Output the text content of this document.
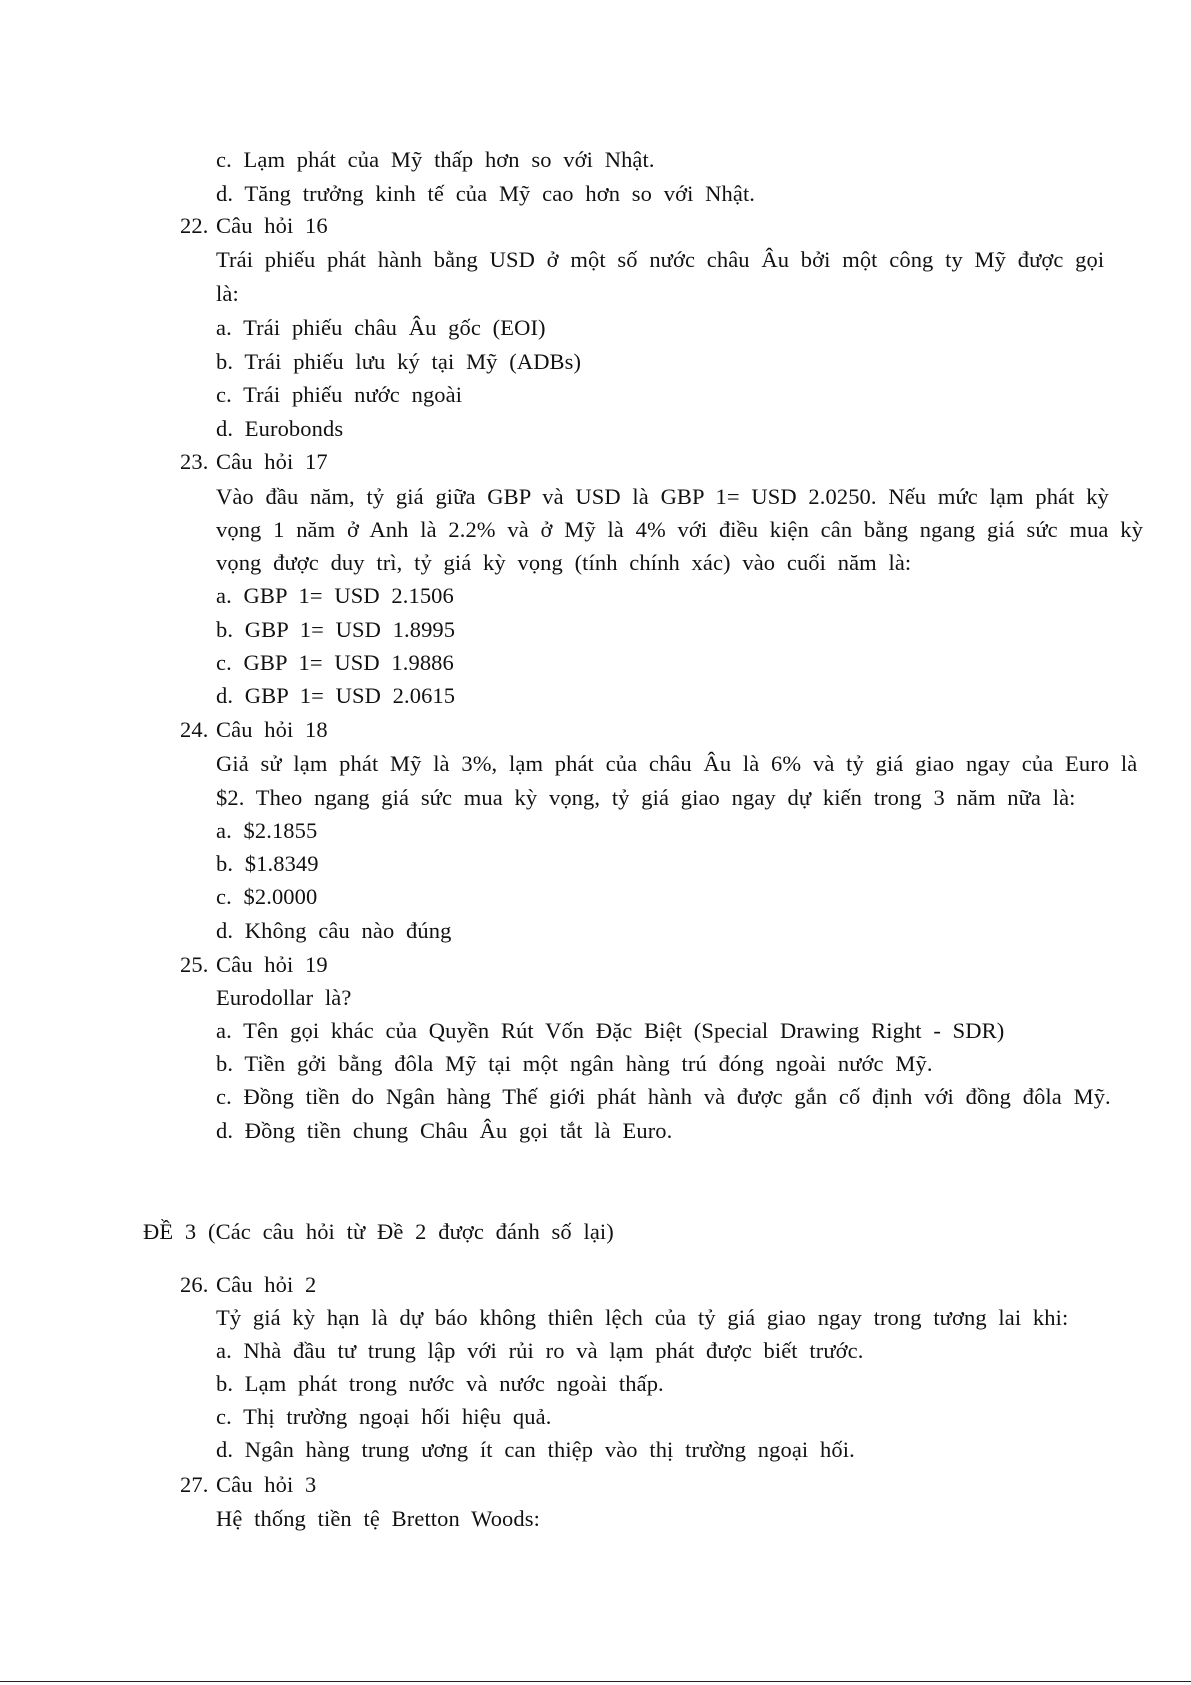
c. Lạm phát của Mỹ thấp hơn so với Nhật.
d. Tăng trưởng kinh tế của Mỹ cao hơn so với Nhật.
22. Câu hỏi 16
Trái phiếu phát hành bằng USD ở một số nước châu Âu bởi một công ty Mỹ được gọi
là:
a. Trái phiếu châu Âu gốc (EOI)
b. Trái phiếu lưu ký tại Mỹ (ADBs)
c. Trái phiếu nước ngoài
d. Eurobonds
23. Câu hỏi 17
Vào đầu năm, tỷ giá giữa GBP và USD là GBP 1= USD 2.0250. Nếu mức lạm phát kỳ
vọng 1 năm ở Anh là 2.2% và ở Mỹ là 4% với điều kiện cân bằng ngang giá sức mua kỳ
vọng được duy trì, tỷ giá kỳ vọng (tính chính xác) vào cuối năm là:
a. GBP 1= USD 2.1506
b. GBP 1= USD 1.8995
c. GBP 1= USD 1.9886
d. GBP 1= USD 2.0615
24. Câu hỏi 18
Giả sử lạm phát Mỹ là 3%, lạm phát của châu Âu là 6% và tỷ giá giao ngay của Euro là
$2. Theo ngang giá sức mua kỳ vọng, tỷ giá giao ngay dự kiến trong 3 năm nữa là:
a. $2.1855
b. $1.8349
c. $2.0000
d. Không câu nào đúng
25. Câu hỏi 19
Eurodollar là?
a. Tên gọi khác của Quyền Rút Vốn Đặc Biệt (Special Drawing Right - SDR)
b. Tiền gởi bằng đôla Mỹ tại một ngân hàng trú đóng ngoài nước Mỹ.
c. Đồng tiền do Ngân hàng Thế giới phát hành và được gắn cố định với đồng đôla Mỹ.
d. Đồng tiền chung Châu Âu gọi tắt là Euro.
ĐỀ 3 (Các câu hỏi từ Đề 2 được đánh số lại)
26. Câu hỏi 2
Tỷ giá kỳ hạn là dự báo không thiên lệch của tỷ giá giao ngay trong tương lai khi:
a. Nhà đầu tư trung lập với rủi ro và lạm phát được biết trước.
b. Lạm phát trong nước và nước ngoài thấp.
c. Thị trường ngoại hối hiệu quả.
d. Ngân hàng trung ương ít can thiệp vào thị trường ngoại hối.
27. Câu hỏi 3
Hệ thống tiền tệ Bretton Woods:
